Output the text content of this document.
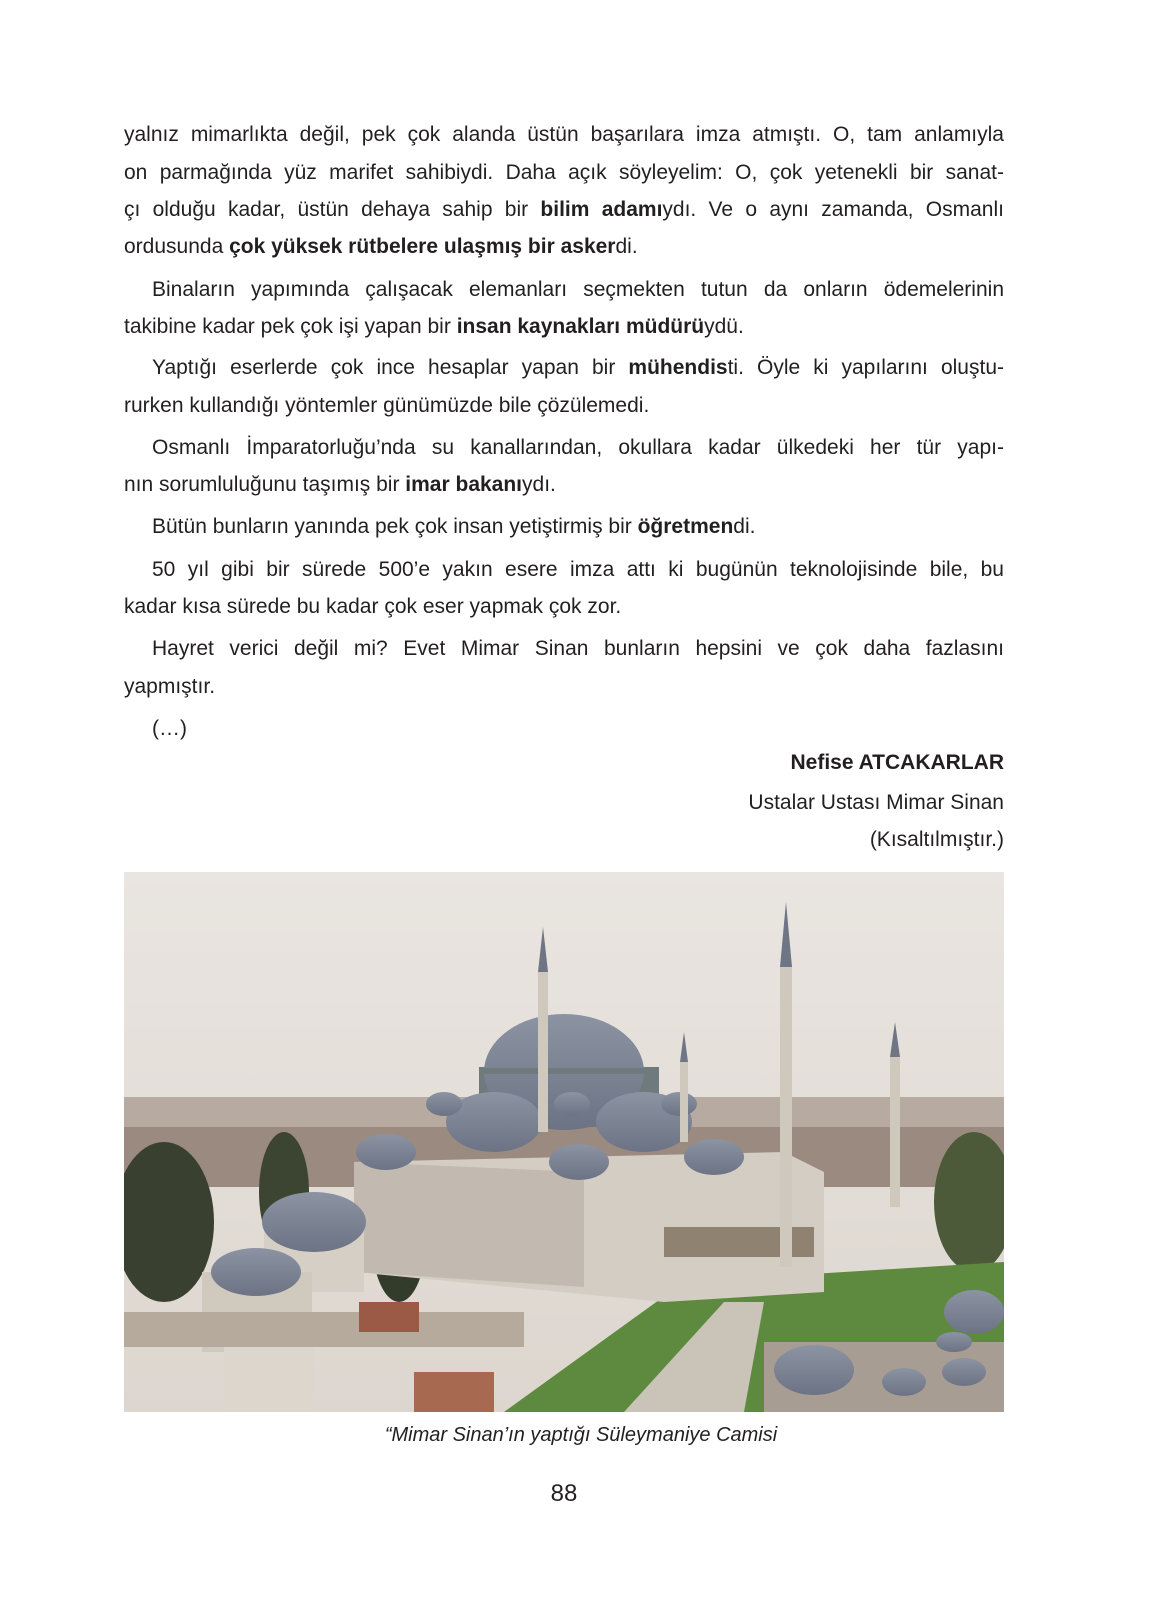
yalnız mimarlıkta değil, pek çok alanda üstün başarılara imza atmıştı. O, tam anlamıyla
on parmağında yüz marifet sahibiydi. Daha açık söyleyelim: O, çok yetenekli bir sanat-
çı olduğu kadar, üstün dehaya sahip bir bilim adamıydı. Ve o aynı zamanda, Osmanlı
ordusunda çok yüksek rütbelere ulaşmış bir askerdi.
Binaların yapımında çalışacak elemanları seçmekten tutun da onların ödemelerinin
takibine kadar pek çok işi yapan bir insan kaynakları müdürüydü.
Yaptığı eserlerde çok ince hesaplar yapan bir mühendisti. Öyle ki yapılarını oluştu-
rurken kullandığı yöntemler günümüzde bile çözülemedi.
Osmanlı İmparatorluğu’nda su kanallarından, okullara kadar ülkedeki her tür yapı-
nın sorumluluğunu taşımış bir imar bakanıydı.
Bütün bunların yanında pek çok insan yetiştirmiş bir öğretmendi.
50 yıl gibi bir sürede 500’e yakın esere imza attı ki bugünün teknolojisinde bile, bu
kadar kısa sürede bu kadar çok eser yapmak çok zor.
Hayret verici değil mi? Evet Mimar Sinan bunların hepsini ve çok daha fazlasını
yapmıştır.
(…)
Nefise ATCAKARLAR
Ustalar Ustası Mimar Sinan
(Kısaltılmıştır.)
“Mimar Sinan’ın yaptığı Süleymaniye Camisi
88
